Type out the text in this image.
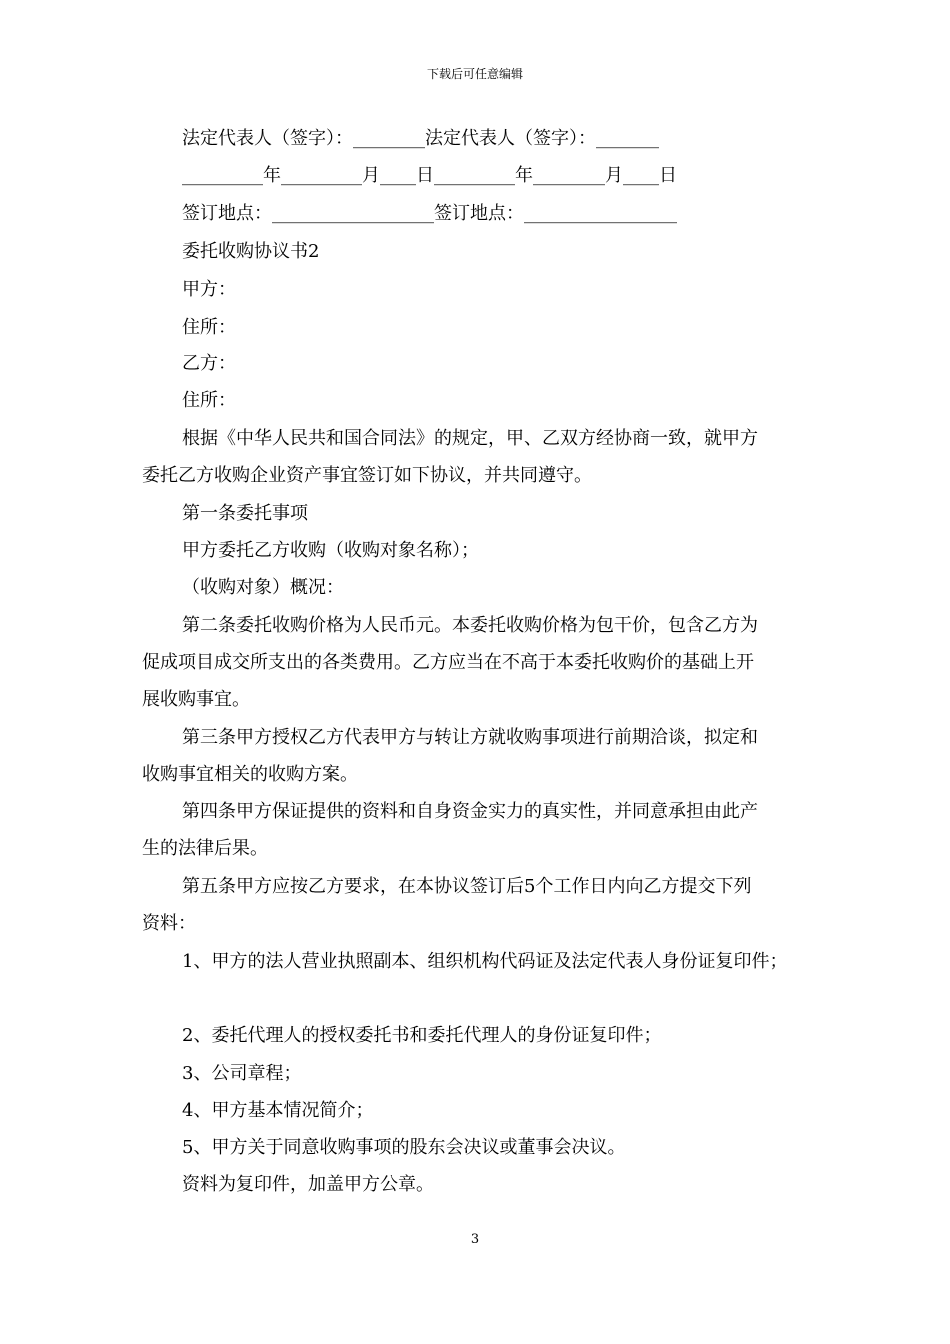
下载后可任意编辑
法定代表人（签字）：________法定代表人（签字）：_______
_________年_________月____日_________年________月____日
签订地点：__________________签订地点：_________________
委托收购协议书2
甲方：
住所：
乙方：
住所：
根据《中华人民共和国合同法》的规定，甲、乙双方经协商一致，就甲方
委托乙方收购企业资产事宜签订如下协议，并共同遵守。
第一条委托事项
甲方委托乙方收购（收购对象名称）；
（收购对象）概况：
第二条委托收购价格为人民币元。本委托收购价格为包干价，包含乙方为
促成项目成交所支出的各类费用。乙方应当在不高于本委托收购价的基础上开
展收购事宜。
第三条甲方授权乙方代表甲方与转让方就收购事项进行前期洽谈，拟定和
收购事宜相关的收购方案。
第四条甲方保证提供的资料和自身资金实力的真实性，并同意承担由此产
生的法律后果。
第五条甲方应按乙方要求，在本协议签订后5个工作日内向乙方提交下列
资料：
1、甲方的法人营业执照副本、组织机构代码证及法定代表人身份证复印件；
2、委托代理人的授权委托书和委托代理人的身份证复印件；
3、公司章程；
4、甲方基本情况简介；
5、甲方关于同意收购事项的股东会决议或董事会决议。
资料为复印件，加盖甲方公章。
3
